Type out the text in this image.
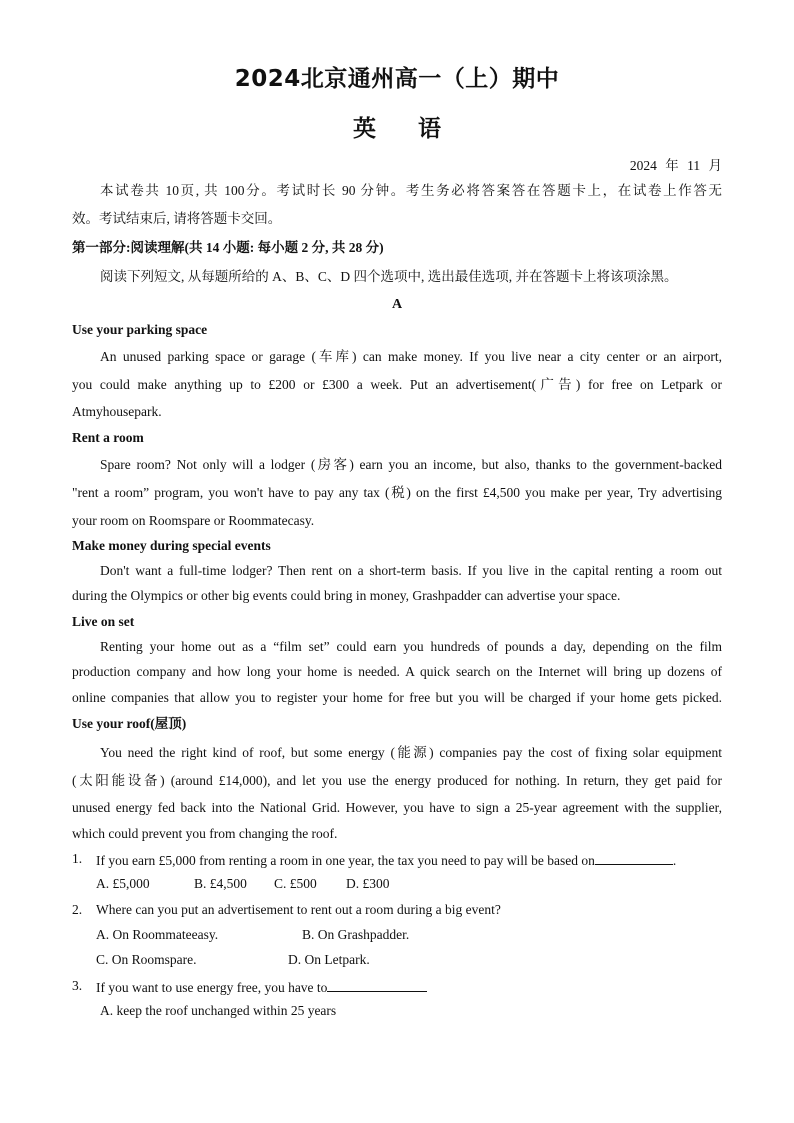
2024北京通州高一（上）期中
英语
2024 年 11 月
本试卷共 10页, 共 100分。考试时长 90 分钟。考生务必将答案答在答题卡上，在试卷上作答无
效。考试结束后, 请将答题卡交回。
第一部分:阅读理解(共 14 小题: 每小题 2 分, 共 28 分)
阅读下列短文, 从每题所给的 A、B、C、D 四个选项中, 选出最佳选项, 并在答题卡上将该项涂黑。
A
Use your parking space
An unused parking space or garage (车库) can make money. If you live near a city center or an airport,
you could make anything up to £200 or £300 a week. Put an advertisement(广告) for free on Letpark or
Atmyhousepark.
Rent a room
Spare room? Not only will a lodger (房客) earn you an income, but also, thanks to the government-backed
"rent a room” program, you won't have to pay any tax (税) on the first £4,500 you make per year, Try advertising
your room on Roomspare or Roommatecasy.
Make money during special events
Don't want a full-time lodger? Then rent on a short-term basis. If you live in the capital renting a room out
during the Olympics or other big events could bring in money, Grashpadder can advertise your space.
Live on set
Renting your home out as a “film set” could earn you hundreds of pounds a day, depending on the film
production company and how long your home is needed. A quick search on the Internet will bring up dozens of
online companies that allow you to register your home for free but you will be charged if your home gets picked.
Use your roof(屋顶)
You need the right kind of roof, but some energy (能源) companies pay the cost of fixing solar equipment
(太阳能设备) (around £14,000), and let you use the energy produced for nothing. In return, they get paid for
unused energy fed back into the National Grid. However, you have to sign a 25-year agreement with the supplier,
which could prevent you from changing the roof.
1. If you earn £5,000 from renting a room in one year, the tax you need to pay will be based on	.
A. £5,000	B. £4,500 C. £500 D. £300
2. Where can you put an advertisement to rent out a room during a big event?
A. On Roommateeasy.	B. On Grashpadder.
C. On Roomspare.	D. On Letpark.
3. If you want to use energy free, you have to
A. keep the roof unchanged within 25 years
